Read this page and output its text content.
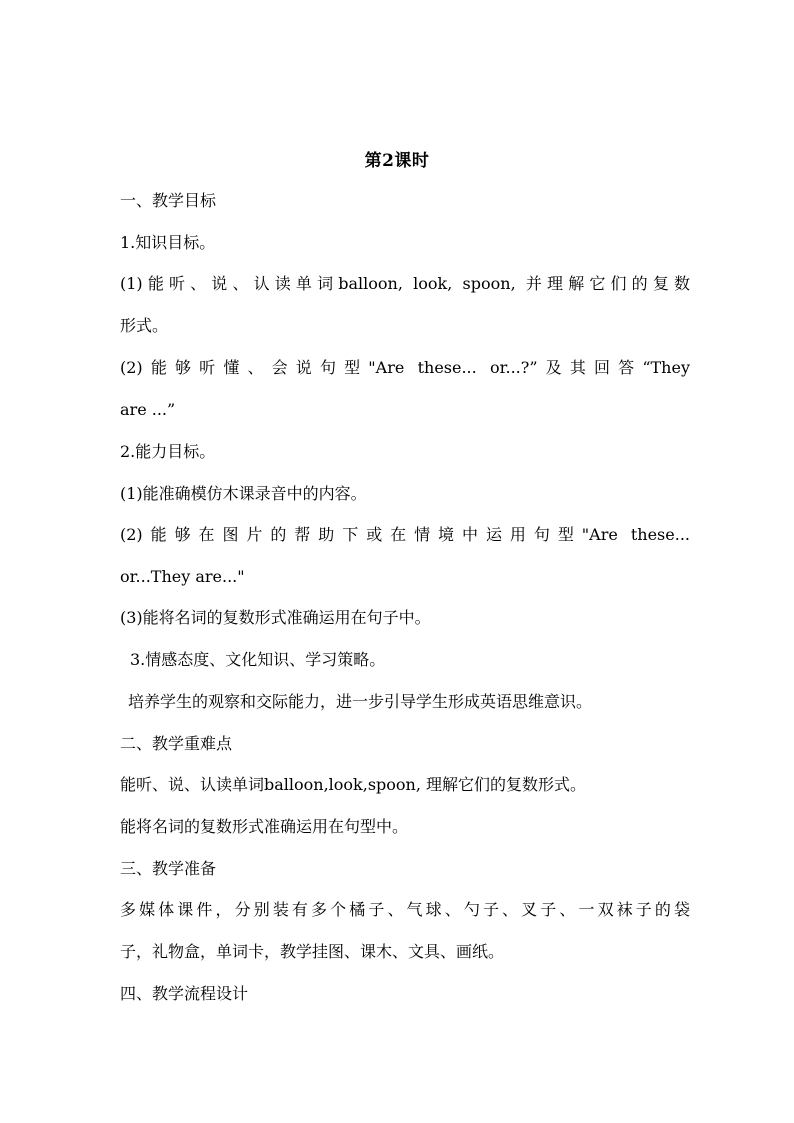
第2课时
一、教学目标
1.知识目标。
(1)能听、说、认读单词balloon, look, spoon, 并理解它们的复数
形式。
(2)能够听懂、会说句型"Are these... or...?”及其回答“They
are ...”
2.能力目标。
(1)能准确模仿木课录音中的内容。
(2)能够在图片的帮助下或在情境中运用句型"Are these...
or...They are..."
(3)能将名词的复数形式准确运用在句子中。
3.情感态度、文化知识、学习策略。
培养学生的观察和交际能力，进一步引导学生形成英语思维意识。
二、教学重难点
能听、说、认读单词balloon,look,spoon, 理解它们的复数形式。
能将名词的复数形式准确运用在句型中。
三、教学准备
多媒体课件，分别装有多个橘子、气球、勺子、叉子、一双袜子的袋
子，礼物盒，单词卡，教学挂图、课木、文具、画纸。
四、教学流程设计
